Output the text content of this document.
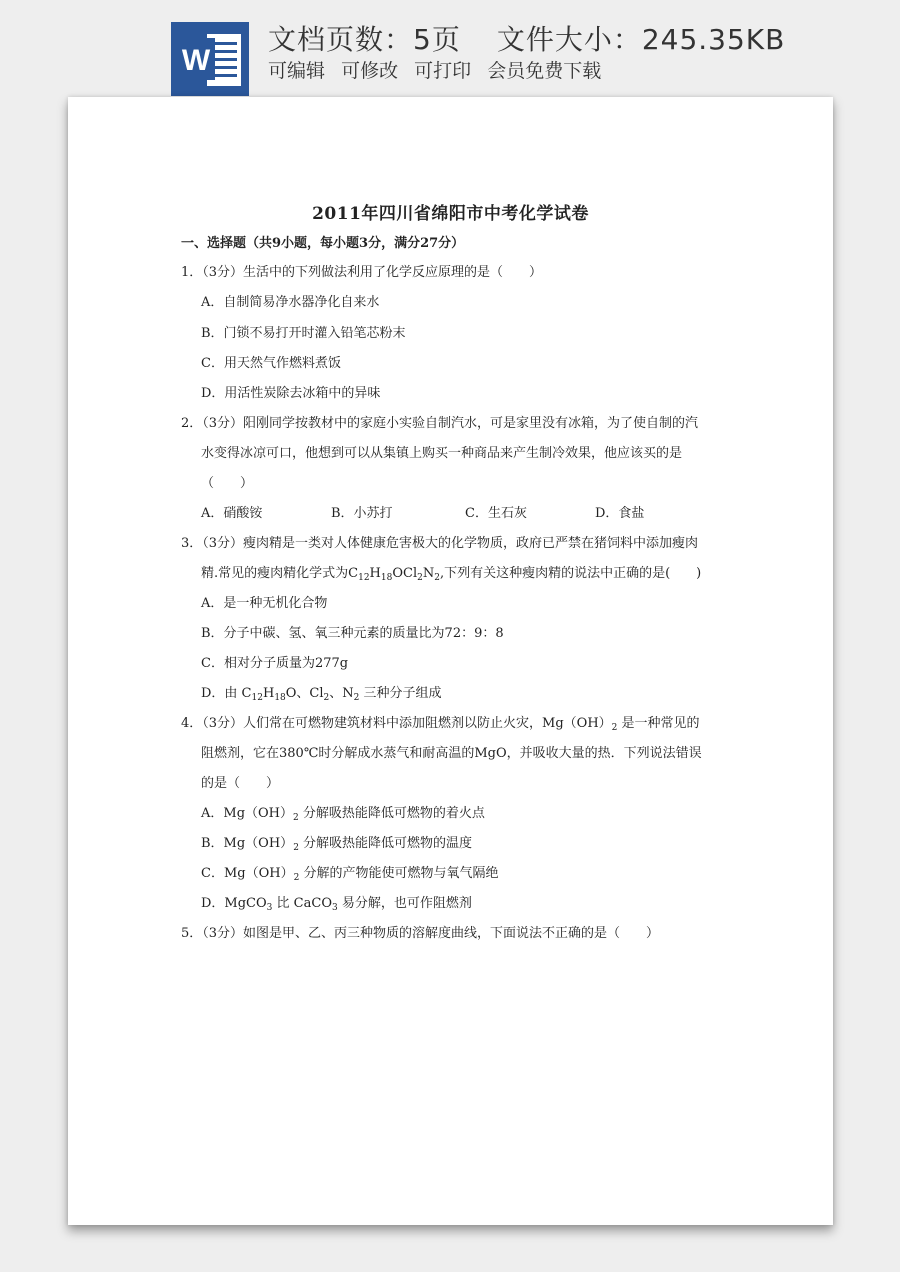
W
文档页数：5页 文件大小：245.35KB
可编辑 可修改 可打印 会员免费下载
2011年四川省绵阳市中考化学试卷
一、选择题（共9小题，每小题3分，满分27分）
1．（3分）生活中的下列做法利用了化学反应原理的是（　　）
A．自制简易净水器净化自来水
B．门锁不易打开时灌入铅笔芯粉末
C．用天然气作燃料煮饭
D．用活性炭除去冰箱中的异味
2．（3分）阳刚同学按教材中的家庭小实验自制汽水，可是家里没有冰箱，为了使自制的汽
水变得冰凉可口，他想到可以从集镇上购买一种商品来产生制冷效果，他应该买的是
（　　）
A．硝酸铵	B．小苏打	C．生石灰	D．食盐
3．（3分）瘦肉精是一类对人体健康危害极大的化学物质，政府已严禁在猪饲料中添加瘦肉
精.常见的瘦肉精化学式为$C_{12}H_{18}OCl_2N_2$,下列有关这种瘦肉精的说法中正确的是(　　)
A．是一种无机化合物
B．分子中碳、氢、氧三种元素的质量比为72：9：8
C．相对分子质量为277g
D．由 $C_{12}H_{18}O$、$Cl_2$、$N_2$ 三种分子组成
4．（3分）人们常在可燃物建筑材料中添加阻燃剂以防止火灾，$Mg(OH)_2$ 是一种常见的
阻燃剂，它在380℃时分解成水蒸气和耐高温的MgO，并吸收大量的热．下列说法错误
的是（　　）
A．$Mg(OH)_2$ 分解吸热能降低可燃物的着火点
B．$Mg(OH)_2$ 分解吸热能降低可燃物的温度
C．$Mg(OH)_2$ 分解的产物能使可燃物与氧气隔绝
D．MgCO$_3$ 比 CaCO$_3$ 易分解，也可作阻燃剂
5．（3分）如图是甲、乙、丙三种物质的溶解度曲线，下面说法不正确的是（　　）
